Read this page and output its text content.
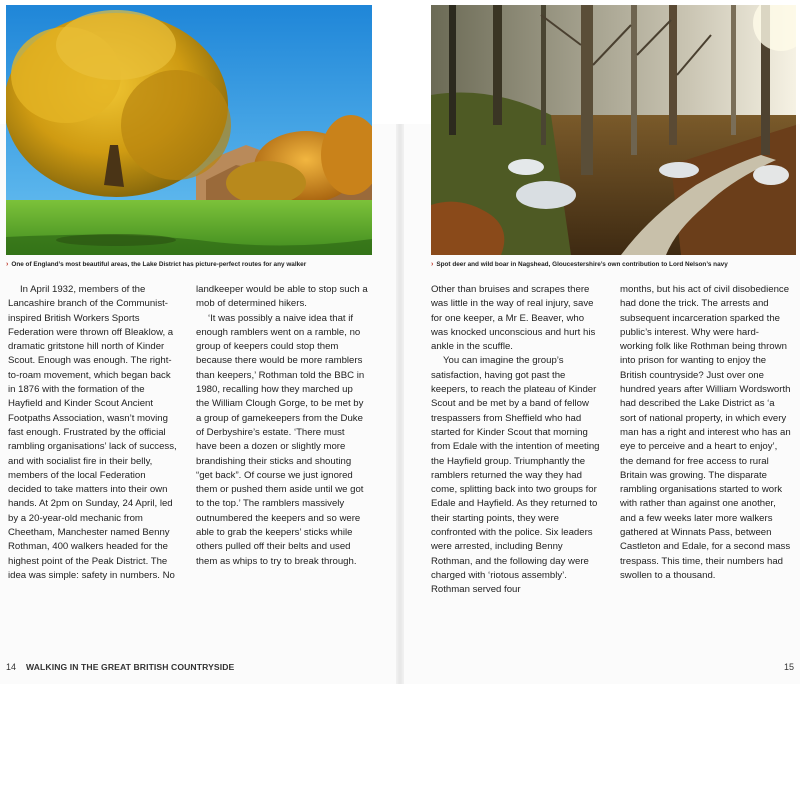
› One of England’s most beautiful areas, the Lake District has picture-perfect routes for any walker	› Spot deer and wild boar in Nagshead, Gloucestershire’s own contribution to Lord Nelson’s navy

In April 1932, members of the Lancashire branch of the Communist-inspired British Workers Sports Federation were thrown off Bleaklow, a dramatic gritstone hill north of Kinder Scout. Enough was enough. The right-to-roam movement, which began back in 1876 with the formation of the Hayfield and Kinder Scout Ancient Footpaths Association, wasn’t moving fast enough. Frustrated by the official rambling organisations’ lack of success, and with socialist fire in their belly, members of the local Federation decided to take matters into their own hands. At 2pm on Sunday, 24 April, led by a 20-year-old mechanic from Cheetham, Manchester named Benny Rothman, 400 walkers headed for the highest point of the Peak District. The idea was simple: safety in numbers. No

landkeeper would be able to stop such a mob of determined hikers.

‘It was possibly a naive idea that if enough ramblers went on a ramble, no group of keepers could stop them because there would be more ramblers than keepers,’ Rothman told the BBC in 1980, recalling how they marched up the William Clough Gorge, to be met by a group of gamekeepers from the Duke of Derbyshire’s estate. ‘There must have been a dozen or slightly more brandishing their sticks and shouting “get back”. Of course we just ignored them or pushed them aside until we got to the top.’ The ramblers massively outnumbered the keepers and so were able to grab the keepers’ sticks while others pulled off their belts and used them as whips to try to break through.

Other than bruises and scrapes there was little in the way of real injury, save for one keeper, a Mr E. Beaver, who was knocked unconscious and hurt his ankle in the scuffle.

You can imagine the group’s satisfaction, having got past the keepers, to reach the plateau of Kinder Scout and be met by a band of fellow trespassers from Sheffield who had started for Kinder Scout that morning from Edale with the intention of meeting the Hayfield group. Triumphantly the ramblers returned the way they had come, splitting back into two groups for Edale and Hayfield. As they returned to their starting points, they were confronted with the police. Six leaders were arrested, including Benny Rothman, and the following day were charged with ‘riotous assembly’. Rothman served four

months, but his act of civil disobedience had done the trick. The arrests and subsequent incarceration sparked the public’s interest. Why were hard-working folk like Rothman being thrown into prison for wanting to enjoy the British countryside? Just over one hundred years after William Wordsworth had described the Lake District as ‘a sort of national property, in which every man has a right and interest who has an eye to perceive and a heart to enjoy’, the demand for free access to rural Britain was growing. The disparate rambling organisations started to work with rather than against one another, and a few weeks later more walkers gathered at Winnats Pass, between Castleton and Edale, for a second mass trespass. This time, their numbers had swollen to a thousand.

14 WALKING IN THE GREAT BRITISH COUNTRYSIDE	15
